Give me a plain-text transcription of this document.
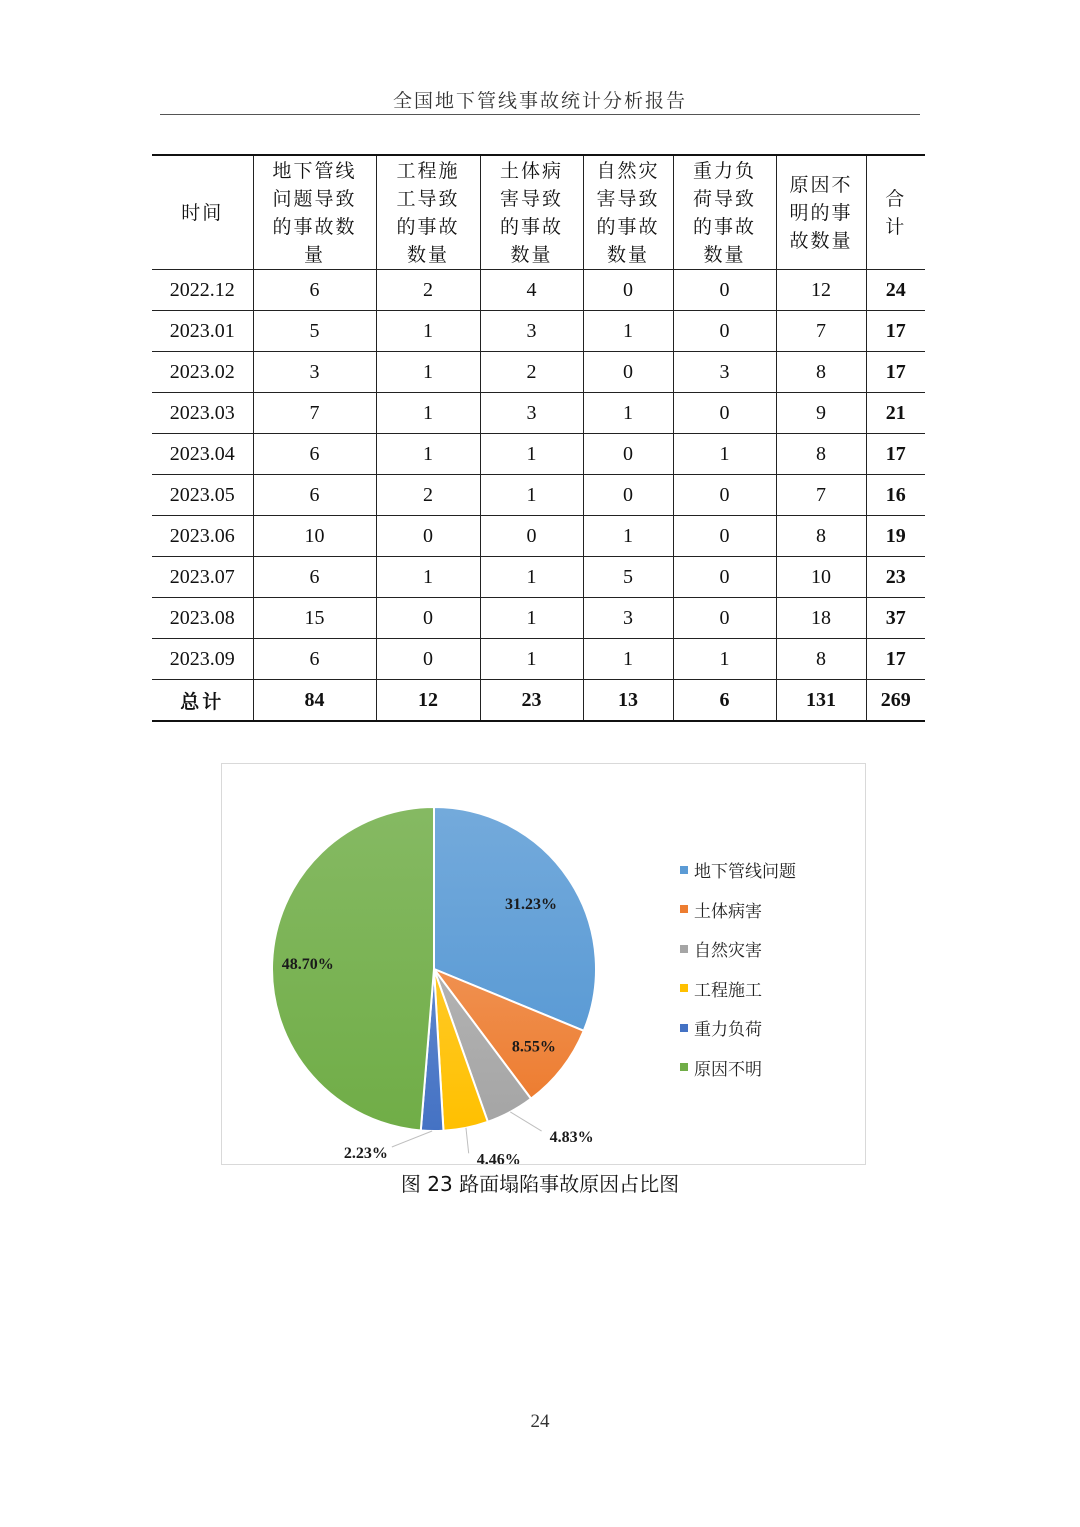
全国地下管线事故统计分析报告
时间	地下管线问题导致的事故数量	工程施工导致的事故数量	土体病害导致的事故数量	自然灾害导致的事故数量	重力负荷导致的事故数量	原因不明的事故数量	合计
2022.12	6	2	4	0	0	12	24
2023.01	5	1	3	1	0	7	17
2023.02	3	1	2	0	3	8	17
2023.03	7	1	3	1	0	9	21
2023.04	6	1	1	0	1	8	17
2023.05	6	2	1	0	0	7	16
2023.06	10	0	0	1	0	8	19
2023.07	6	1	1	5	0	10	23
2023.08	15	0	1	3	0	18	37
2023.09	6	0	1	1	1	8	17
总计	84	12	23	13	6	131	269
31.23%
8.55%
4.83%
4.46%
2.23%
48.70%
地下管线问题
土体病害
自然灾害
工程施工
重力负荷
原因不明
图 23 路面塌陷事故原因占比图
24
